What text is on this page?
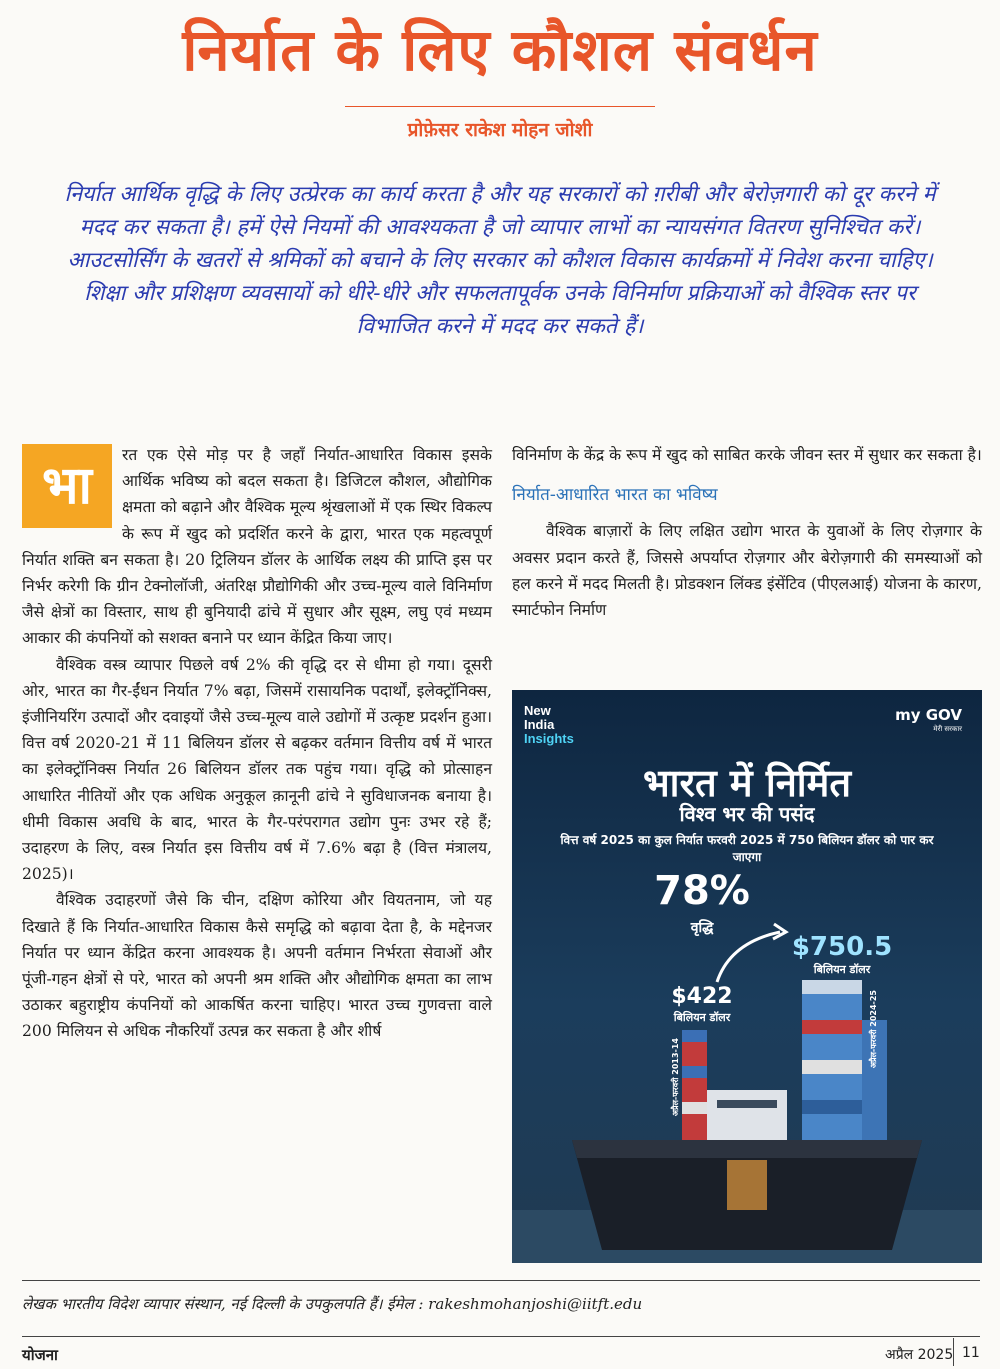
निर्यात के लिए कौशल संवर्धन
प्रोफ़ेसर राकेश मोहन जोशी
निर्यात आर्थिक वृद्धि के लिए उत्प्रेरक का कार्य करता है और यह सरकारों को ग़रीबी और बेरोज़गारी को दूर करने में मदद कर सकता है। हमें ऐसे नियमों की आवश्यकता है जो व्यापार लाभों का न्यायसंगत वितरण सुनिश्चित करें। आउटसोर्सिंग के खतरों से श्रमिकों को बचाने के लिए सरकार को कौशल विकास कार्यक्रमों में निवेश करना चाहिए। शिक्षा और प्रशिक्षण व्यवसायों को धीरे-धीरे और सफलतापूर्वक उनके विनिर्माण प्रक्रियाओं को वैश्विक स्तर पर विभाजित करने में मदद कर सकते हैं।
भा	रत एक ऐसे मोड़ पर है जहाँ निर्यात-आधारित विकास इसके आर्थिक भविष्य को बदल सकता है। डिजिटल कौशल, औद्योगिक क्षमता को बढ़ाने और वैश्विक मूल्य श्रृंखलाओं में एक स्थिर विकल्प के रूप में खुद को प्रदर्शित करने के द्वारा, भारत एक महत्वपूर्ण निर्यात शक्ति बन सकता है। 20 ट्रिलियन डॉलर के आर्थिक लक्ष्य की प्राप्ति इस पर निर्भर करेगी कि ग्रीन टेक्नोलॉजी, अंतरिक्ष प्रौद्योगिकी और उच्च-मूल्य वाले विनिर्माण जैसे क्षेत्रों का विस्तार, साथ ही बुनियादी ढांचे में सुधार और सूक्ष्म, लघु एवं मध्यम आकार की कंपनियों को सशक्त बनाने पर ध्यान केंद्रित किया जाए।

वैश्विक वस्त्र व्यापार पिछले वर्ष 2% की वृद्धि दर से धीमा हो गया। दूसरी ओर, भारत का गैर-ईंधन निर्यात 7% बढ़ा, जिसमें रासायनिक पदार्थों, इलेक्ट्रॉनिक्स, इंजीनियरिंग उत्पादों और दवाइयों जैसे उच्च-मूल्य वाले उद्योगों में उत्कृष्ट प्रदर्शन हुआ। वित्त वर्ष 2020-21 में 11 बिलियन डॉलर से बढ़कर वर्तमान वित्तीय वर्ष में भारत का इलेक्ट्रॉनिक्स निर्यात 26 बिलियन डॉलर तक पहुंच गया। वृद्धि को प्रोत्साहन आधारित नीतियों और एक अधिक अनुकूल क़ानूनी ढांचे ने सुविधाजनक बनाया है। धीमी विकास अवधि के बाद, भारत के गैर-परंपरागत उद्योग पुनः उभर रहे हैं; उदाहरण के लिए, वस्त्र निर्यात इस वित्तीय वर्ष में 7.6% बढ़ा है (वित्त मंत्रालय, 2025)।

वैश्विक उदाहरणों जैसे कि चीन, दक्षिण कोरिया और वियतनाम, जो यह दिखाते हैं कि निर्यात-आधारित विकास कैसे समृद्धि को बढ़ावा देता है, के मद्देनजर निर्यात पर ध्यान केंद्रित करना आवश्यक है। अपनी वर्तमान निर्भरता सेवाओं और पूंजी-गहन क्षेत्रों से परे, भारत को अपनी श्रम शक्ति और औद्योगिक क्षमता का लाभ उठाकर बहुराष्ट्रीय कंपनियों को आकर्षित करना चाहिए। भारत उच्च गुणवत्ता वाले 200 मिलियन से अधिक नौकरियाँ उत्पन्न कर सकता है और शीर्ष

विनिर्माण के केंद्र के रूप में खुद को साबित करके जीवन स्तर में सुधार कर सकता है।

निर्यात-आधारित भारत का भविष्य

वैश्विक बाज़ारों के लिए लक्षित उद्योग भारत के युवाओं के लिए रोज़गार के अवसर प्रदान करते हैं, जिससे अपर्याप्त रोज़गार और बेरोज़गारी की समस्याओं को हल करने में मदद मिलती है। प्रोडक्शन लिंक्ड इंसेंटिव (पीएलआई) योजना के कारण, स्मार्टफोन निर्माण

New
India
Insights
my GOV
मेरी सरकार
भारत में निर्मित
विश्व भर की पसंद
वित्त वर्ष 2025 का कुल निर्यात फरवरी 2025 में 750 बिलियन डॉलर को पार कर जाएगा
78%
वृद्धि
$422
बिलियन डॉलर
$750.5
बिलियन डॉलर
अप्रैल-फरवरी 2013-14
अप्रैल-फरवरी 2024-25
लेखक भारतीय विदेश व्यापार संस्थान, नई दिल्ली के उपकुलपति हैं। ईमेल : rakeshmohanjoshi@iitft.edu
योजना	अप्रैल 2025 11
